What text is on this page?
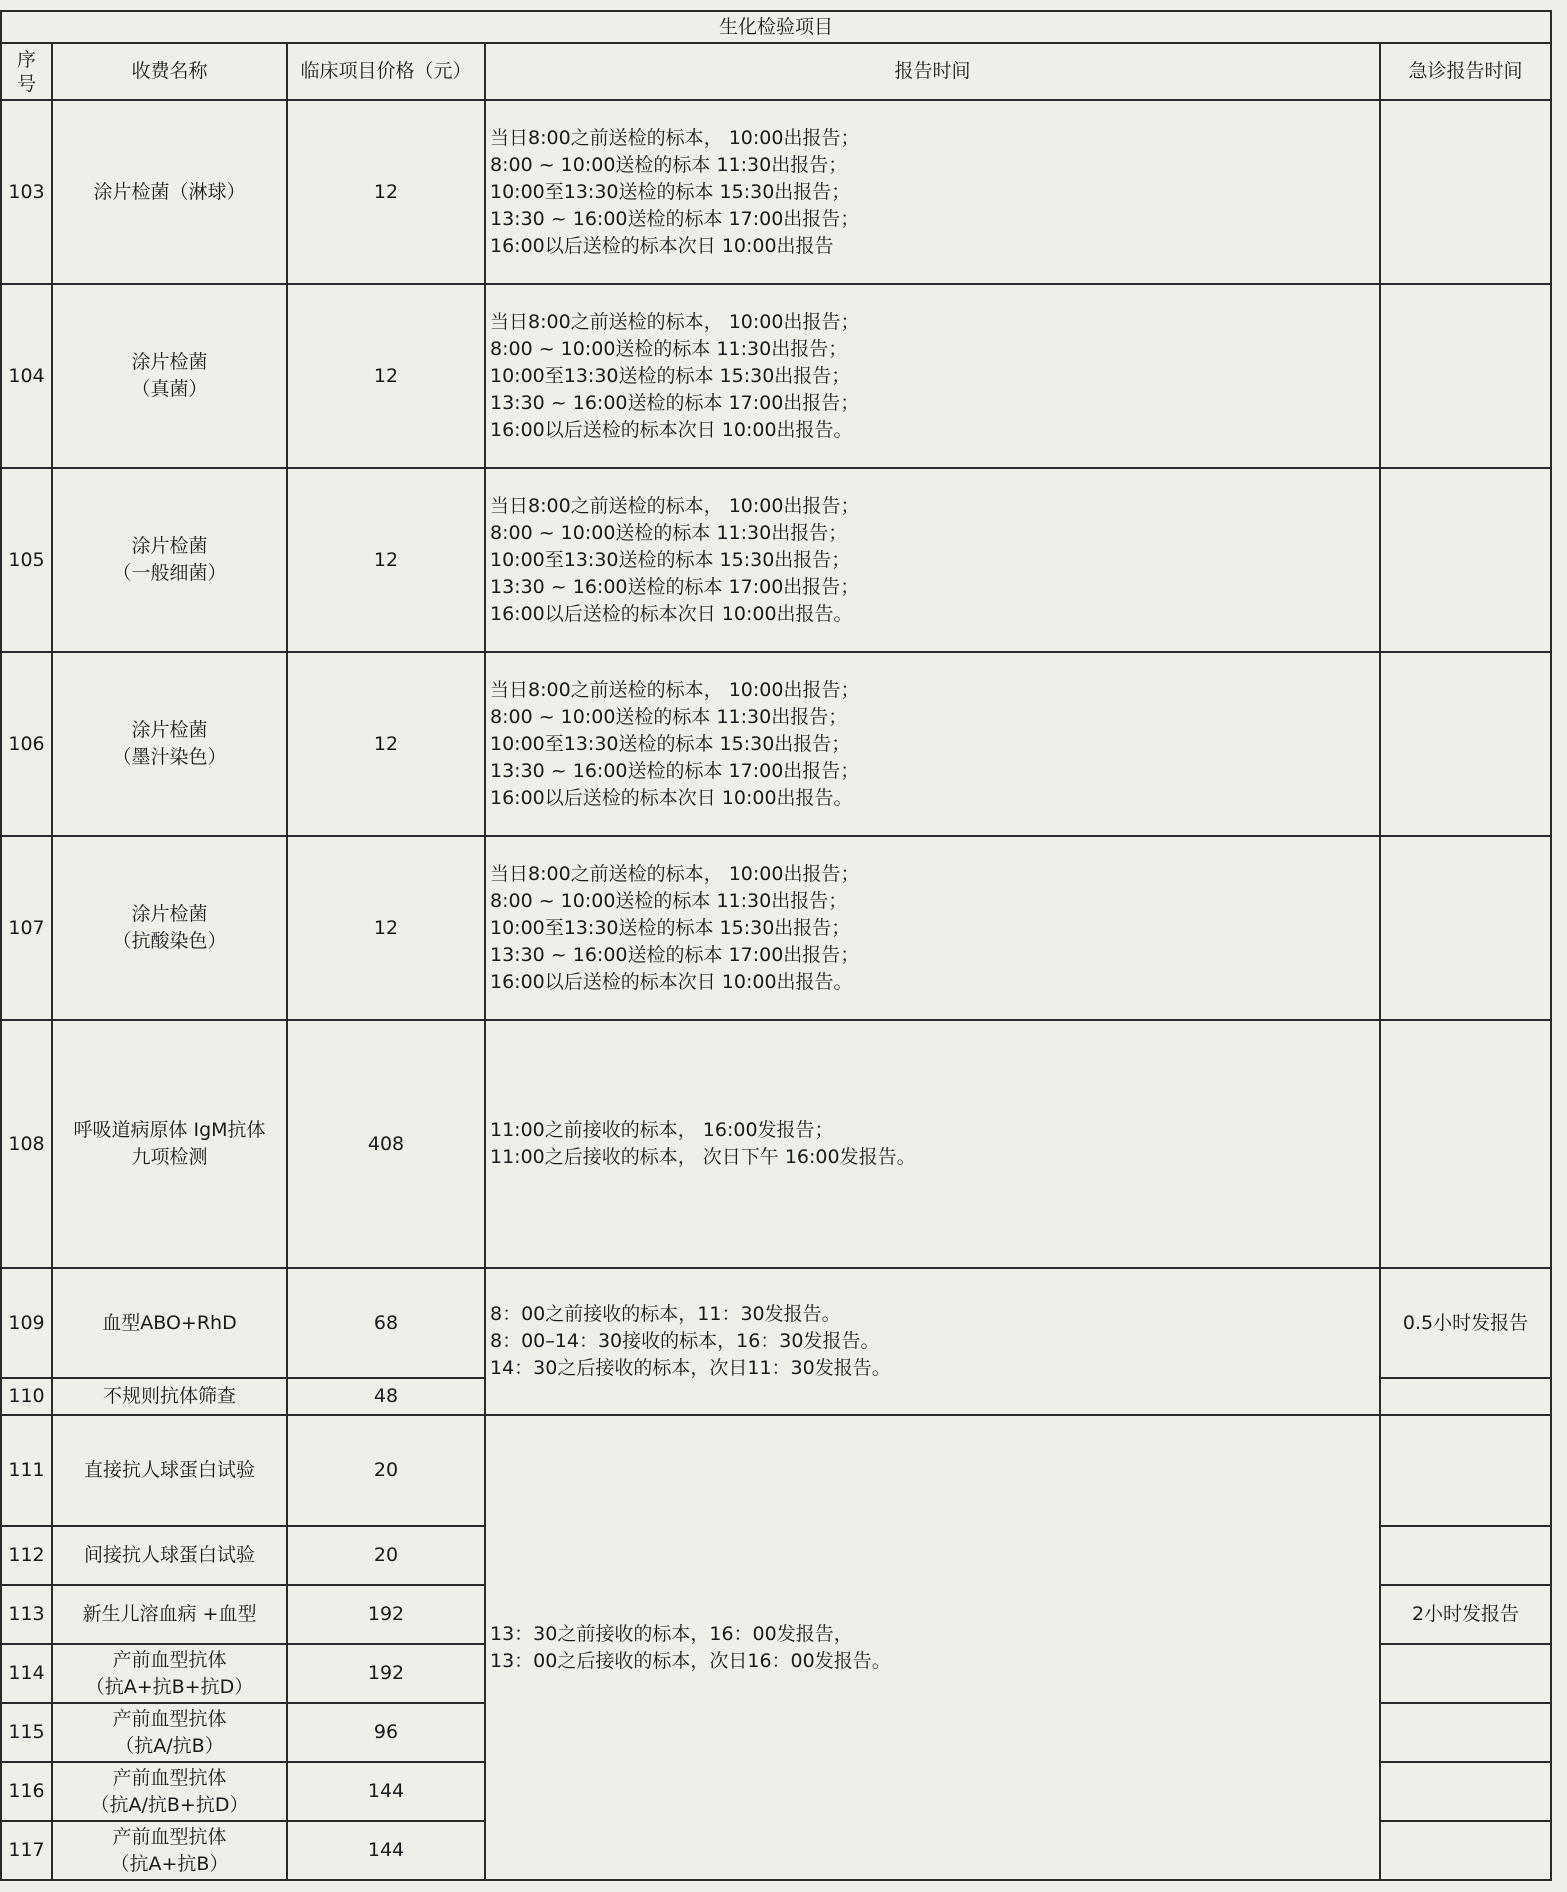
生化检验项目				

序
号	收费名称	临床项目价格（元）	报告时间	急诊报告时间
103	涂片检菌（淋球）	12	当日8:00之前送检的标本， 10:00出报告；
8:00 ~ 10:00送检的标本 11:30出报告；
10:00至13:30送检的标本 15:30出报告；
13:30 ~ 16:00送检的标本 17:00出报告；
16:00以后送检的标本次日 10:00出报告	

104	涂片检菌
（真菌）	12	当日8:00之前送检的标本， 10:00出报告；
8:00 ~ 10:00送检的标本 11:30出报告；
10:00至13:30送检的标本 15:30出报告；
13:30 ~ 16:00送检的标本 17:00出报告；
16:00以后送检的标本次日 10:00出报告。	

105	涂片检菌
（一般细菌）	12	当日8:00之前送检的标本， 10:00出报告；
8:00 ~ 10:00送检的标本 11:30出报告；
10:00至13:30送检的标本 15:30出报告；
13:30 ~ 16:00送检的标本 17:00出报告；
16:00以后送检的标本次日 10:00出报告。	

106	涂片检菌
（墨汁染色）	12	当日8:00之前送检的标本， 10:00出报告；
8:00 ~ 10:00送检的标本 11:30出报告；
10:00至13:30送检的标本 15:30出报告；
13:30 ~ 16:00送检的标本 17:00出报告；
16:00以后送检的标本次日 10:00出报告。	

107	涂片检菌
（抗酸染色）	12	当日8:00之前送检的标本， 10:00出报告；
8:00 ~ 10:00送检的标本 11:30出报告；
10:00至13:30送检的标本 15:30出报告；
13:30 ~ 16:00送检的标本 17:00出报告；
16:00以后送检的标本次日 10:00出报告。	

108	呼吸道病原体 IgM抗体
九项检测	408	11:00之前接收的标本， 16:00发报告；
11:00之后接收的标本， 次日下午 16:00发报告。	

109	血型ABO+RhD	68	8：00之前接收的标本，11：30发报告。
8：00–14：30接收的标本，16：30发报告。
14：30之后接收的标本，次日11：30发报告。	0.5小时发报告
110	不规则抗体筛查	48		
111	直接抗人球蛋白试验	20	13：30之前接收的标本，16：00发报告，
13：00之后接收的标本，次日16：00发报告。	

112	间接抗人球蛋白试验	20		
113	新生儿溶血病 +血型	192		2小时发报告
114	产前血型抗体
（抗A+抗B+抗D）	192		
115	产前血型抗体
（抗A/抗B）	96		
116	产前血型抗体
（抗A/抗B+抗D）	144		
117	产前血型抗体
（抗A+抗B）	144		
